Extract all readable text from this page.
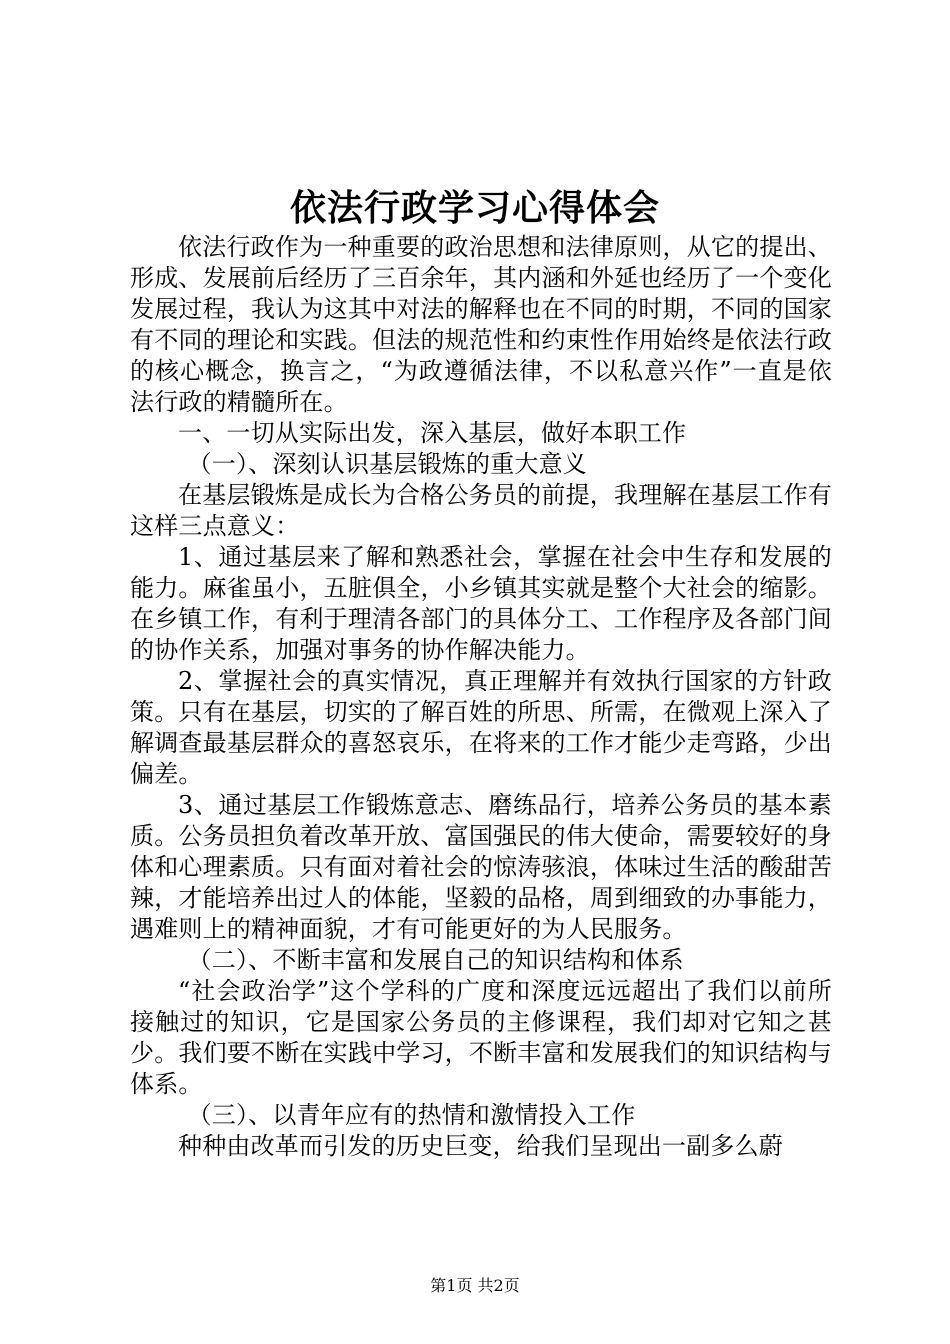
依法行政学习心得体会

依法行政作为一种重要的政治思想和法律原则，从它的提出、形成、发展前后经历了三百余年，其内涵和外延也经历了一个变化发展过程，我认为这其中对法的解释也在不同的时期，不同的国家有不同的理论和实践。但法的规范性和约束性作用始终是依法行政的核心概念，换言之，“为政遵循法律，不以私意兴作”一直是依法行政的精髓所在。

一、一切从实际出发，深入基层，做好本职工作

（一）、深刻认识基层锻炼的重大意义

在基层锻炼是成长为合格公务员的前提，我理解在基层工作有这样三点意义：

1、通过基层来了解和熟悉社会，掌握在社会中生存和发展的能力。麻雀虽小，五脏俱全，小乡镇其实就是整个大社会的缩影。在乡镇工作，有利于理清各部门的具体分工、工作程序及各部门间的协作关系，加强对事务的协作解决能力。

2、掌握社会的真实情况，真正理解并有效执行国家的方针政策。只有在基层，切实的了解百姓的所思、所需，在微观上深入了解调查最基层群众的喜怒哀乐，在将来的工作才能少走弯路，少出偏差。

3、通过基层工作锻炼意志、磨练品行，培养公务员的基本素质。公务员担负着改革开放、富国强民的伟大使命，需要较好的身体和心理素质。只有面对着社会的惊涛骇浪，体味过生活的酸甜苦辣，才能培养出过人的体能，坚毅的品格，周到细致的办事能力，遇难则上的精神面貌，才有可能更好的为人民服务。

（二）、不断丰富和发展自己的知识结构和体系

“社会政治学”这个学科的广度和深度远远超出了我们以前所接触过的知识，它是国家公务员的主修课程，我们却对它知之甚少。我们要不断在实践中学习，不断丰富和发展我们的知识结构与体系。

（三）、以青年应有的热情和激情投入工作

种种由改革而引发的历史巨变，给我们呈现出一副多么蔚

第1页 共2页
